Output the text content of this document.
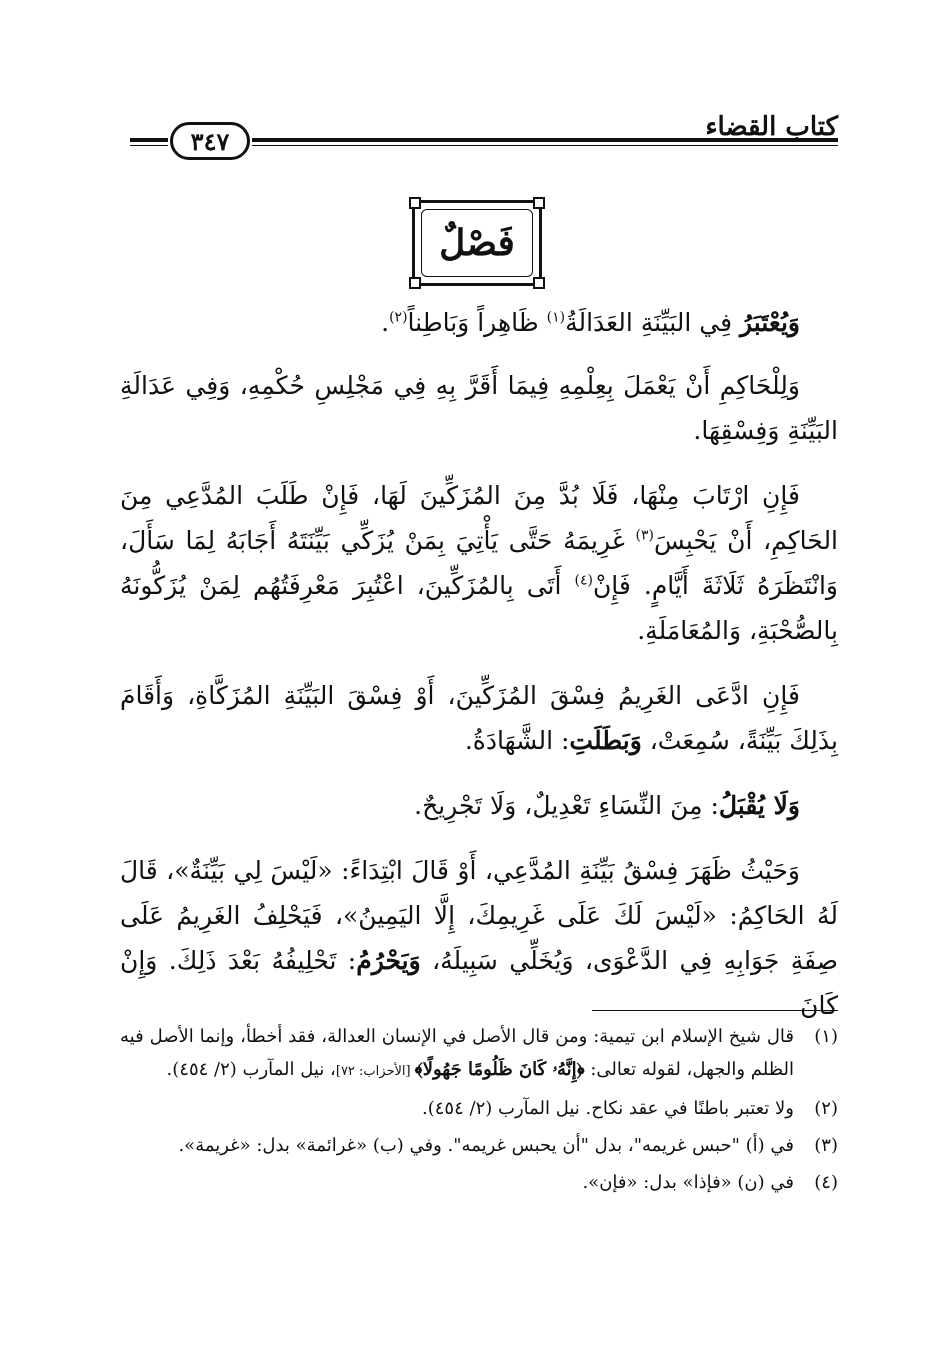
كتاب القضاء
٣٤٧
فَصْلٌ

وَيُعْتَبَرُ فِي البَيِّنَةِ العَدَالَةُ$^{(١)}$ ظَاهِراً وَبَاطِناً$^{(٢)}$.

وَلِلْحَاكِمِ أَنْ يَعْمَلَ بِعِلْمِهِ فِيمَا أَقَرَّ بِهِ فِي مَجْلِسِ حُكْمِهِ، وَفِي عَدَالَةِ البَيِّنَةِ وَفِسْقِهَا.

فَإِنِ ارْتَابَ مِنْهَا، فَلَا بُدَّ مِنَ المُزَكِّينَ لَهَا، فَإِنْ طَلَبَ المُدَّعِي مِنَ الحَاكِمِ، أَنْ يَحْبِسَ$^{(٣)}$ غَرِيمَهُ حَتَّى يَأْتِيَ بِمَنْ يُزَكِّي بَيِّنَتَهُ أَجَابَهُ لِمَا سَأَلَ، وَانْتَظَرَهُ ثَلَاثَةَ أَيَّامٍ. فَإِنْ$^{(٤)}$ أَتَى بِالمُزَكِّينَ، اعْتُبِرَ مَعْرِفَتُهُم لِمَنْ يُزَكُّونَهُ بِالصُّحْبَةِ، وَالمُعَامَلَةِ.

فَإِنِ ادَّعَى الغَرِيمُ فِسْقَ المُزَكِّينَ، أَوْ فِسْقَ البَيِّنَةِ المُزَكَّاةِ، وَأَقَامَ بِذَلِكَ بَيِّنَةً، سُمِعَتْ، وَبَطَلَتِ: الشَّهَادَةُ.

وَلَا يُقْبَلُ: مِنَ النِّسَاءِ تَعْدِيلٌ، وَلَا تَجْرِيحٌ.

وَحَيْثُ ظَهَرَ فِسْقُ بَيِّنَةِ المُدَّعِي، أَوْ قَالَ ابْتِدَاءً: «لَيْسَ لِي بَيِّنَةٌ»، قَالَ لَهُ الحَاكِمُ: «لَيْسَ لَكَ عَلَى غَرِيمِكَ، إِلَّا اليَمِينُ»، فَيَحْلِفُ الغَرِيمُ عَلَى صِفَةِ جَوَابِهِ فِي الدَّعْوَى، وَيُخَلِّي سَبِيلَهُ، وَيَحْرُمُ: تَحْلِيفُهُ بَعْدَ ذَلِكَ. وَإِنْ كَانَ

(١)
قال شيخ الإسلام ابن تيمية: ومن قال الأصل في الإنسان العدالة، فقد أخطأ، وإنما الأصل فيه الظلم والجهل، لقوله تعالى: ﴿إِنَّهُۥ كَانَ ظَلُومًا جَهُولًا﴾ [الأحزاب: ٧٢]، نيل المآرب (٢/ ٤٥٤).
(٢)
ولا تعتبر باطنًا في عقد نكاح. نيل المآرب (٢/ ٤٥٤).
(٣)
في (أ) "حبس غريمه"، بدل "أن يحبس غريمه". وفي (ب) «غرائمة» بدل: «غريمة».
(٤)
في (ن) «فإذا» بدل: «فإن».
